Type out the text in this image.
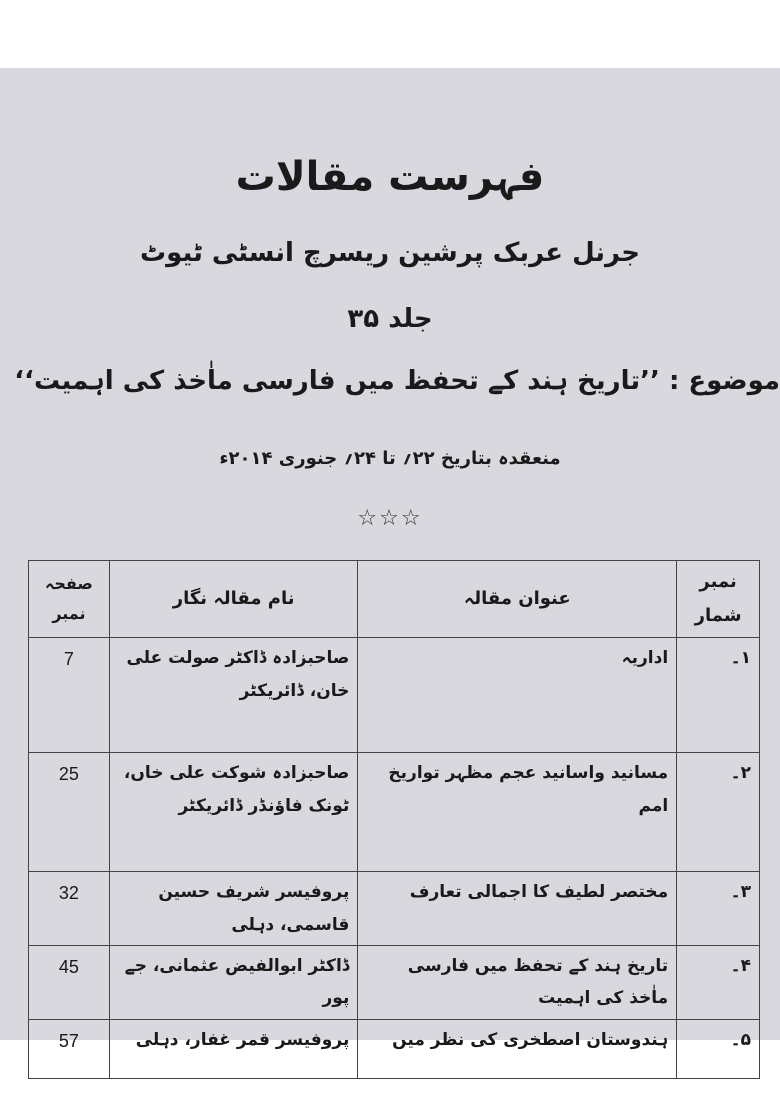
فہرست مقالات
جرنل عربک پرشین ریسرچ انسٹی ٹیوٹ
جلد ۳۵
موضوع : ’’تاریخ ہند کے تحفظ میں فارسی ماٰخذ کی اہمیت‘‘
منعقدہ بتاریخ ۲۲؍ تا ۲۴؍ جنوری ۲۰۱۴ء
☆☆☆
نمبر شمار	عنوان مقالہ	نام مقالہ نگار	صفحہ نمبر
۱۔	اداریہ	صاحبزادہ ڈاکٹر صولت علی خان، ڈائریکٹر	7
۲۔	مسانید واسانید عجم مظہر تواریخ امم	صاحبزادہ شوکت علی خاں، ٹونک فاؤنڈر ڈائریکٹر	25
۳۔	مختصر لطیف کا اجمالی تعارف	پروفیسر شریف حسین قاسمی، دہلی	32
۴۔	تاریخ ہند کے تحفظ میں فارسی ماٰخذ کی اہمیت	ڈاکٹر ابوالفیض عثمانی، جے پور	45
۵۔	ہندوستان اصطخری کی نظر میں	پروفیسر قمر غفار، دہلی	57
